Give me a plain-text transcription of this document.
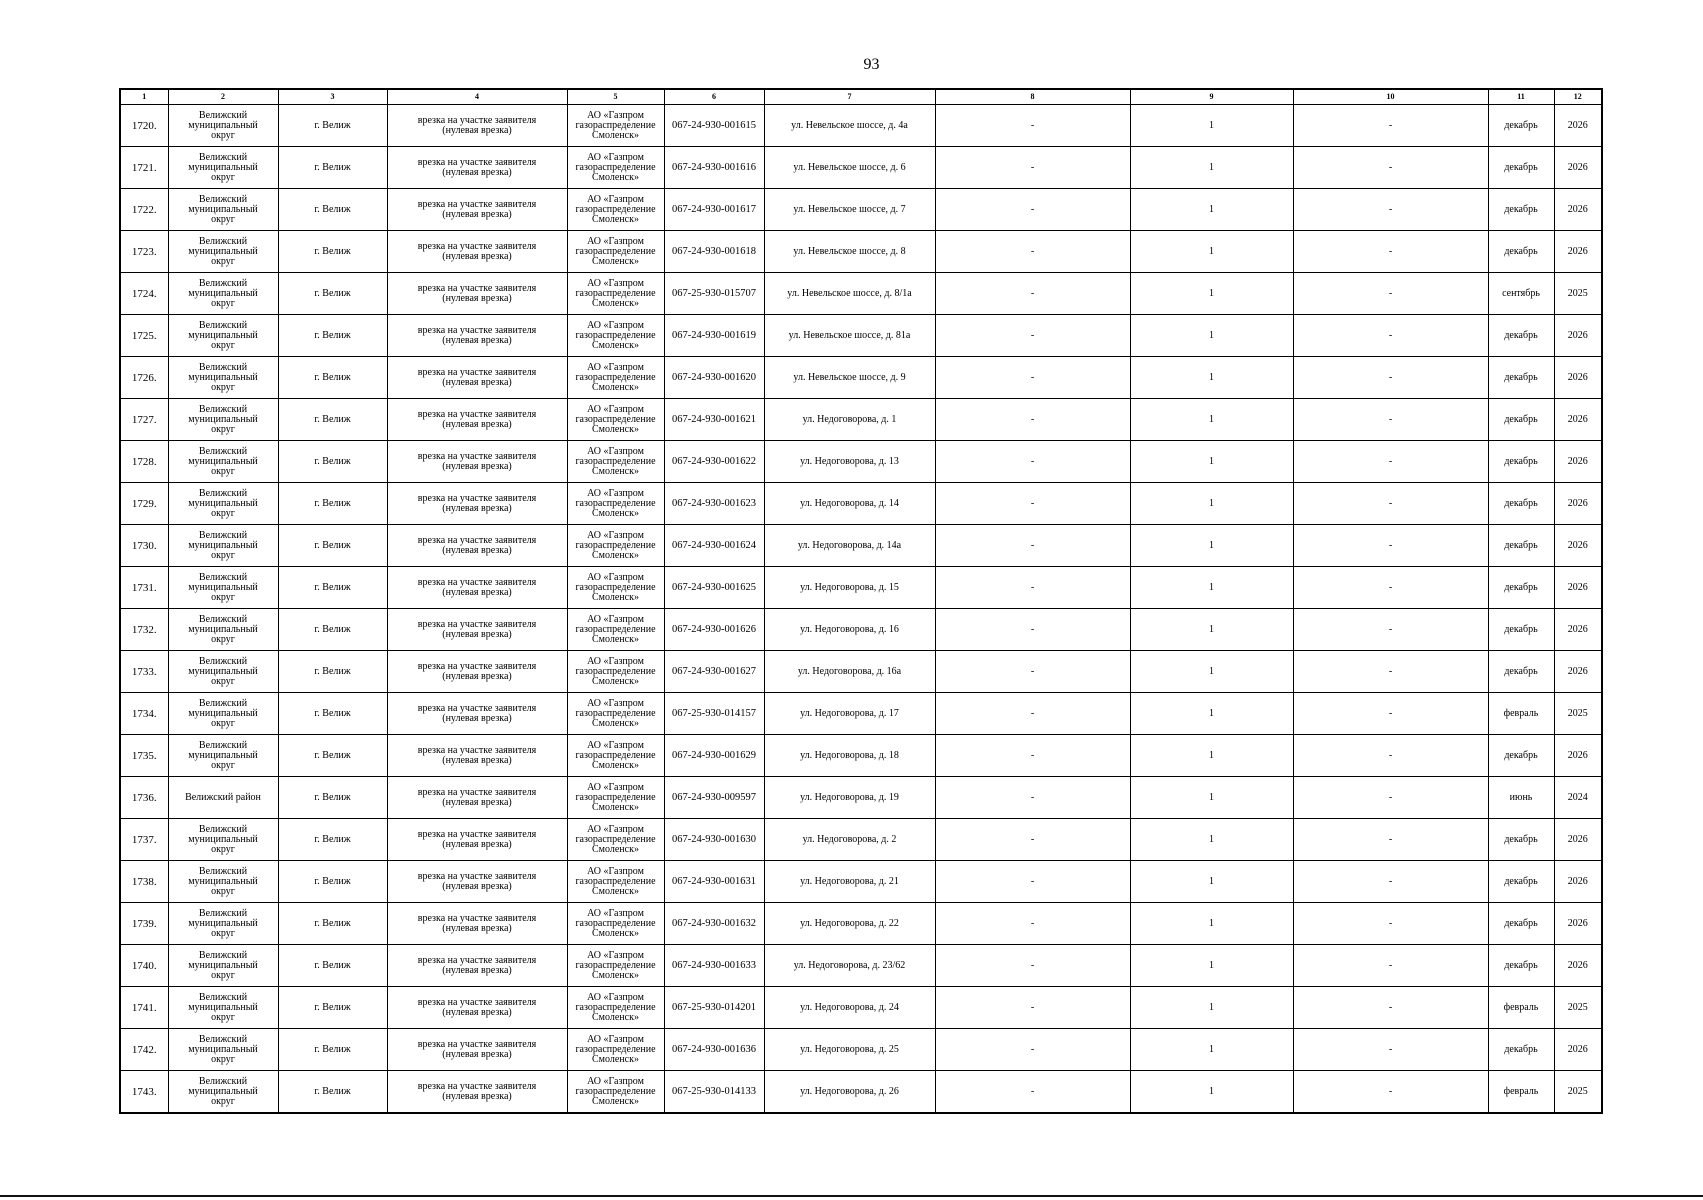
93
1	2	3	4	5	6	7	8	9	10	11	12
1720.	Велижский
муниципальный
округ	г. Велиж	врезка на участке заявителя
(нулевая врезка)	АО «Газпром
газораспределение
Смоленск»	067-24-930-001615	ул. Невельское шоссе, д. 4а	-	1	-	декабрь	2026
1721.	Велижский
муниципальный
округ	г. Велиж	врезка на участке заявителя
(нулевая врезка)	АО «Газпром
газораспределение
Смоленск»	067-24-930-001616	ул. Невельское шоссе, д. 6	-	1	-	декабрь	2026
1722.	Велижский
муниципальный
округ	г. Велиж	врезка на участке заявителя
(нулевая врезка)	АО «Газпром
газораспределение
Смоленск»	067-24-930-001617	ул. Невельское шоссе, д. 7	-	1	-	декабрь	2026
1723.	Велижский
муниципальный
округ	г. Велиж	врезка на участке заявителя
(нулевая врезка)	АО «Газпром
газораспределение
Смоленск»	067-24-930-001618	ул. Невельское шоссе, д. 8	-	1	-	декабрь	2026
1724.	Велижский
муниципальный
округ	г. Велиж	врезка на участке заявителя
(нулевая врезка)	АО «Газпром
газораспределение
Смоленск»	067-25-930-015707	ул. Невельское шоссе, д. 8/1а	-	1	-	сентябрь	2025
1725.	Велижский
муниципальный
округ	г. Велиж	врезка на участке заявителя
(нулевая врезка)	АО «Газпром
газораспределение
Смоленск»	067-24-930-001619	ул. Невельское шоссе, д. 81а	-	1	-	декабрь	2026
1726.	Велижский
муниципальный
округ	г. Велиж	врезка на участке заявителя
(нулевая врезка)	АО «Газпром
газораспределение
Смоленск»	067-24-930-001620	ул. Невельское шоссе, д. 9	-	1	-	декабрь	2026
1727.	Велижский
муниципальный
округ	г. Велиж	врезка на участке заявителя
(нулевая врезка)	АО «Газпром
газораспределение
Смоленск»	067-24-930-001621	ул. Недоговорова, д. 1	-	1	-	декабрь	2026
1728.	Велижский
муниципальный
округ	г. Велиж	врезка на участке заявителя
(нулевая врезка)	АО «Газпром
газораспределение
Смоленск»	067-24-930-001622	ул. Недоговорова, д. 13	-	1	-	декабрь	2026
1729.	Велижский
муниципальный
округ	г. Велиж	врезка на участке заявителя
(нулевая врезка)	АО «Газпром
газораспределение
Смоленск»	067-24-930-001623	ул. Недоговорова, д. 14	-	1	-	декабрь	2026
1730.	Велижский
муниципальный
округ	г. Велиж	врезка на участке заявителя
(нулевая врезка)	АО «Газпром
газораспределение
Смоленск»	067-24-930-001624	ул. Недоговорова, д. 14а	-	1	-	декабрь	2026
1731.	Велижский
муниципальный
округ	г. Велиж	врезка на участке заявителя
(нулевая врезка)	АО «Газпром
газораспределение
Смоленск»	067-24-930-001625	ул. Недоговорова, д. 15	-	1	-	декабрь	2026
1732.	Велижский
муниципальный
округ	г. Велиж	врезка на участке заявителя
(нулевая врезка)	АО «Газпром
газораспределение
Смоленск»	067-24-930-001626	ул. Недоговорова, д. 16	-	1	-	декабрь	2026
1733.	Велижский
муниципальный
округ	г. Велиж	врезка на участке заявителя
(нулевая врезка)	АО «Газпром
газораспределение
Смоленск»	067-24-930-001627	ул. Недоговорова, д. 16а	-	1	-	декабрь	2026
1734.	Велижский
муниципальный
округ	г. Велиж	врезка на участке заявителя
(нулевая врезка)	АО «Газпром
газораспределение
Смоленск»	067-25-930-014157	ул. Недоговорова, д. 17	-	1	-	февраль	2025
1735.	Велижский
муниципальный
округ	г. Велиж	врезка на участке заявителя
(нулевая врезка)	АО «Газпром
газораспределение
Смоленск»	067-24-930-001629	ул. Недоговорова, д. 18	-	1	-	декабрь	2026
1736.	Велижский район	г. Велиж	врезка на участке заявителя
(нулевая врезка)	АО «Газпром
газораспределение
Смоленск»	067-24-930-009597	ул. Недоговорова, д. 19	-	1	-	июнь	2024
1737.	Велижский
муниципальный
округ	г. Велиж	врезка на участке заявителя
(нулевая врезка)	АО «Газпром
газораспределение
Смоленск»	067-24-930-001630	ул. Недоговорова, д. 2	-	1	-	декабрь	2026
1738.	Велижский
муниципальный
округ	г. Велиж	врезка на участке заявителя
(нулевая врезка)	АО «Газпром
газораспределение
Смоленск»	067-24-930-001631	ул. Недоговорова, д. 21	-	1	-	декабрь	2026
1739.	Велижский
муниципальный
округ	г. Велиж	врезка на участке заявителя
(нулевая врезка)	АО «Газпром
газораспределение
Смоленск»	067-24-930-001632	ул. Недоговорова, д. 22	-	1	-	декабрь	2026
1740.	Велижский
муниципальный
округ	г. Велиж	врезка на участке заявителя
(нулевая врезка)	АО «Газпром
газораспределение
Смоленск»	067-24-930-001633	ул. Недоговорова, д. 23/62	-	1	-	декабрь	2026
1741.	Велижский
муниципальный
округ	г. Велиж	врезка на участке заявителя
(нулевая врезка)	АО «Газпром
газораспределение
Смоленск»	067-25-930-014201	ул. Недоговорова, д. 24	-	1	-	февраль	2025
1742.	Велижский
муниципальный
округ	г. Велиж	врезка на участке заявителя
(нулевая врезка)	АО «Газпром
газораспределение
Смоленск»	067-24-930-001636	ул. Недоговорова, д. 25	-	1	-	декабрь	2026
1743.	Велижский
муниципальный
округ	г. Велиж	врезка на участке заявителя
(нулевая врезка)	АО «Газпром
газораспределение
Смоленск»	067-25-930-014133	ул. Недоговорова, д. 26	-	1	-	февраль	2025
